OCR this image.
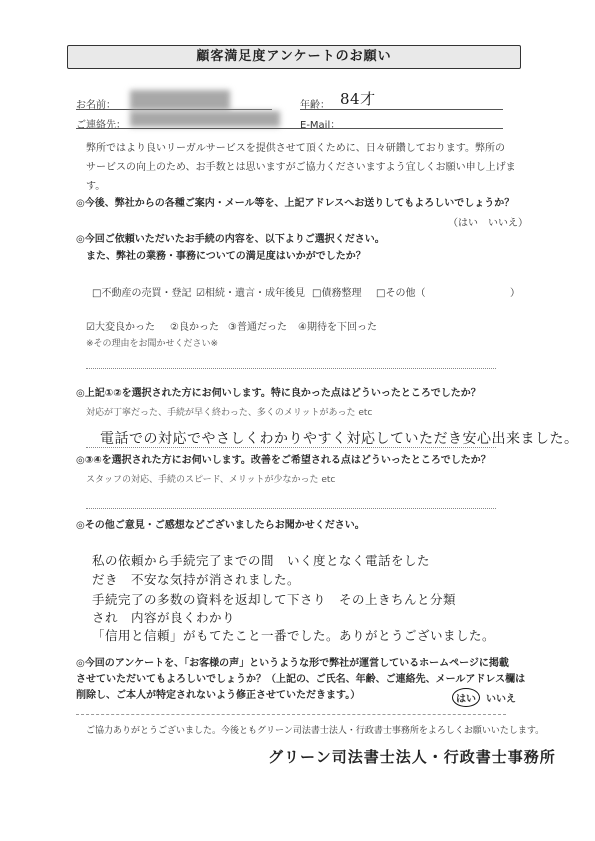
顧客満足度アンケートのお願い
お名前：	年齢： 84才
ご連絡先：	E-Mail：
弊所ではより良いリーガルサービスを提供させて頂くために、日々研鑽しております。弊所の
サービスの向上のため、お手数とは思いますがご協力くださいますよう宜しくお願い申し上げます。
◎今後、弊社からの各種ご案内・メール等を、上記アドレスへお送りしてもよろしいでしょうか？
（はい　いいえ）
◎今回ご依頼いただいたお手続の内容を、以下よりご選択ください。
また、弊社の業務・事務についての満足度はいかがでしたか？
□不動産の売買・登記 ☑相続・遺言・成年後見 □債務整理 □その他（	）
☑大変良かった ②良かった ③普通だった ④期待を下回った
※その理由をお聞かせください※
◎上記①②を選択された方にお伺いします。特に良かった点はどういったところでしたか？
対応が丁寧だった、手続が早く終わった、多くのメリットがあった etc
電話での対応でやさしくわかりやすく対応していただき安心出来ました。
◎③④を選択された方にお伺いします。改善をご希望される点はどういったところでしたか？
スタッフの対応、手続のスピード、メリットが少なかった etc
◎その他ご意見・ご感想などございましたらお聞かせください。
私の依頼から手続完了までの間　いく度となく電話をした
だき　不安な気持が消されました。
手続完了の多数の資料を返却して下さり　その上きちんと分類
され　内容が良くわかり
「信用と信頼」がもてたこと一番でした。ありがとうございました。
◎今回のアンケートを、「お客様の声」というような形で弊社が運営しているホームページに掲載
させていただいてもよろしいでしょうか？（上記の、ご氏名、年齢、ご連絡先、メールアドレス欄は
削除し、ご本人が特定されないよう修正させていただきます。）	はい	いいえ
ご協力ありがとうございました。今後ともグリーン司法書士法人・行政書士事務所をよろしくお願いいたします。
グリーン司法書士法人・行政書士事務所
